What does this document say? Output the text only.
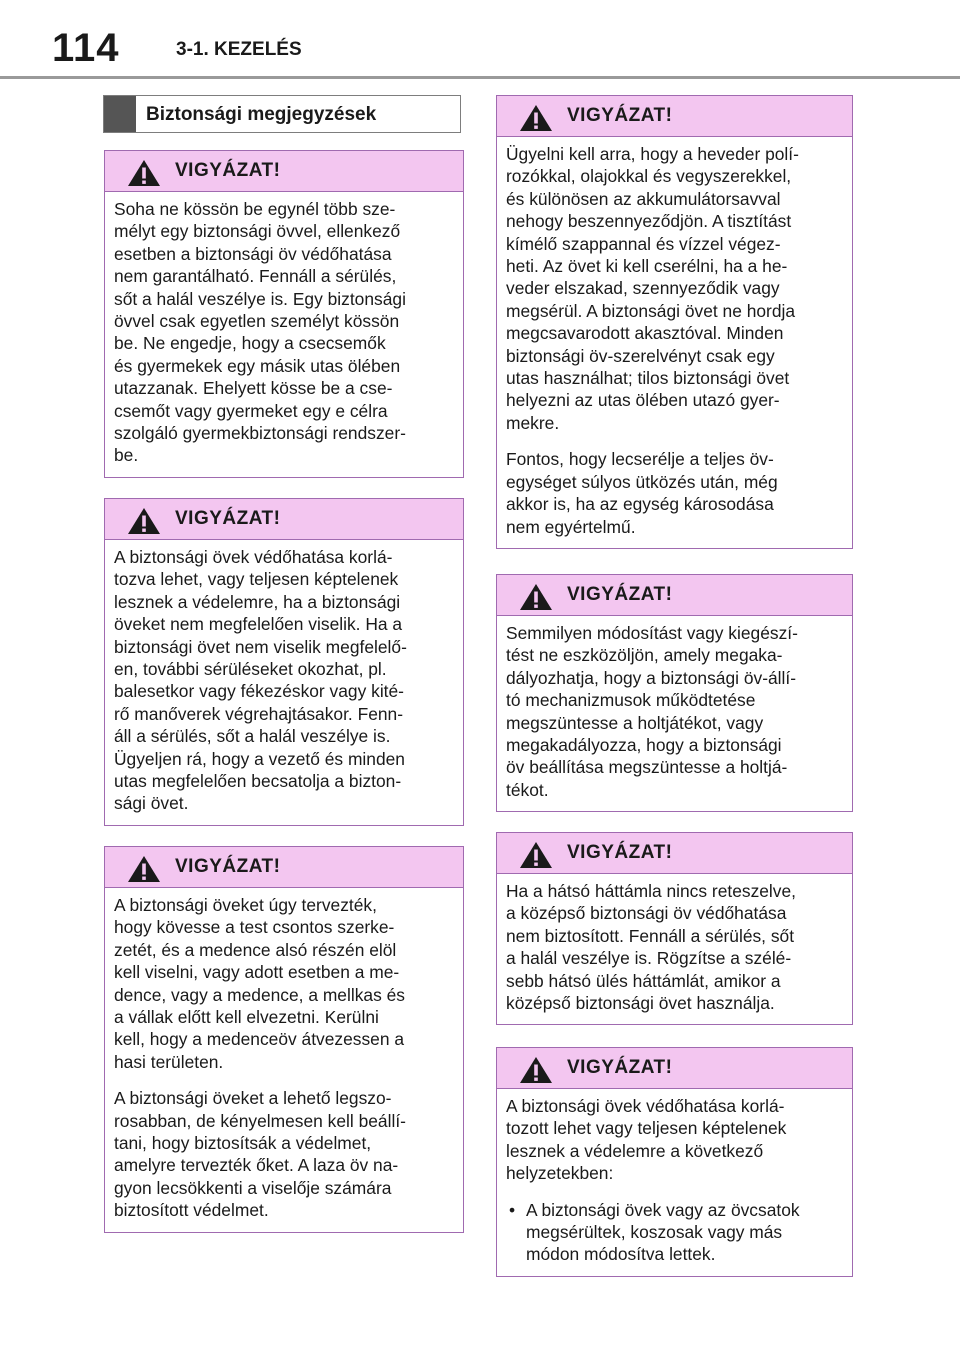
114	3-1. KEZELÉS
Biztonsági megjegyzések
VIGYÁZAT!

Soha ne kössön be egynél több sze-
mélyt egy biztonsági övvel, ellenkező
esetben a biztonsági öv védőhatása
nem garantálható. Fennáll a sérülés,
sőt a halál veszélye is. Egy biztonsági
övvel csak egyetlen személyt kössön
be. Ne engedje, hogy a csecsemők
és gyermekek egy másik utas ölében
utazzanak. Ehelyett kösse be a cse-
csemőt vagy gyermeket egy e célra
szolgáló gyermekbiztonsági rendszer-
be.

VIGYÁZAT!

A biztonsági övek védőhatása korlá-
tozva lehet, vagy teljesen képtelenek
lesznek a védelemre, ha a biztonsági
öveket nem megfelelően viselik. Ha a
biztonsági övet nem viselik megfelelő-
en, további sérüléseket okozhat, pl.
balesetkor vagy fékezéskor vagy kité-
rő manőverek végrehajtásakor. Fenn-
áll a sérülés, sőt a halál veszélye is.
Ügyeljen rá, hogy a vezető és minden
utas megfelelően becsatolja a bizton-
sági övet.

VIGYÁZAT!

A biztonsági öveket úgy tervezték,
hogy kövesse a test csontos szerke-
zetét, és a medence alsó részén elöl
kell viselni, vagy adott esetben a me-
dence, vagy a medence, a mellkas és
a vállak előtt kell elvezetni. Kerülni
kell, hogy a medenceöv átvezessen a
hasi területen.

A biztonsági öveket a lehető legszo-
rosabban, de kényelmesen kell beállí-
tani, hogy biztosítsák a védelmet,
amelyre tervezték őket. A laza öv na-
gyon lecsökkenti a viselője számára
biztosított védelmet.

VIGYÁZAT!

Ügyelni kell arra, hogy a heveder polí-
rozókkal, olajokkal és vegyszerekkel,
és különösen az akkumulátorsavval
nehogy beszennyeződjön. A tisztítást
kímélő szappannal és vízzel végez-
heti. Az övet ki kell cserélni, ha a he-
veder elszakad, szennyeződik vagy
megsérül. A biztonsági övet ne hordja
megcsavarodott akasztóval. Minden
biztonsági öv-szerelvényt csak egy
utas használhat; tilos biztonsági övet
helyezni az utas ölében utazó gyer-
mekre.

Fontos, hogy lecserélje a teljes öv-
egységet súlyos ütközés után, még
akkor is, ha az egység károsodása
nem egyértelmű.

VIGYÁZAT!

Semmilyen módosítást vagy kiegészí-
tést ne eszközöljön, amely megaka-
dályozhatja, hogy a biztonsági öv-állí-
tó mechanizmusok működtetése
megszüntesse a holtjátékot, vagy
megakadályozza, hogy a biztonsági
öv beállítása megszüntesse a holtjá-
tékot.

VIGYÁZAT!

Ha a hátsó háttámla nincs reteszelve,
a középső biztonsági öv védőhatása
nem biztosított. Fennáll a sérülés, sőt
a halál veszélye is. Rögzítse a szélé-
sebb hátsó ülés háttámlát, amikor a
középső biztonsági övet használja.

VIGYÁZAT!

A biztonsági övek védőhatása korlá-
tozott lehet vagy teljesen képtelenek
lesznek a védelemre a következő
helyzetekben:

• A biztonsági övek vagy az övcsatok
megsérültek, koszosak vagy más
módon módosítva lettek.
